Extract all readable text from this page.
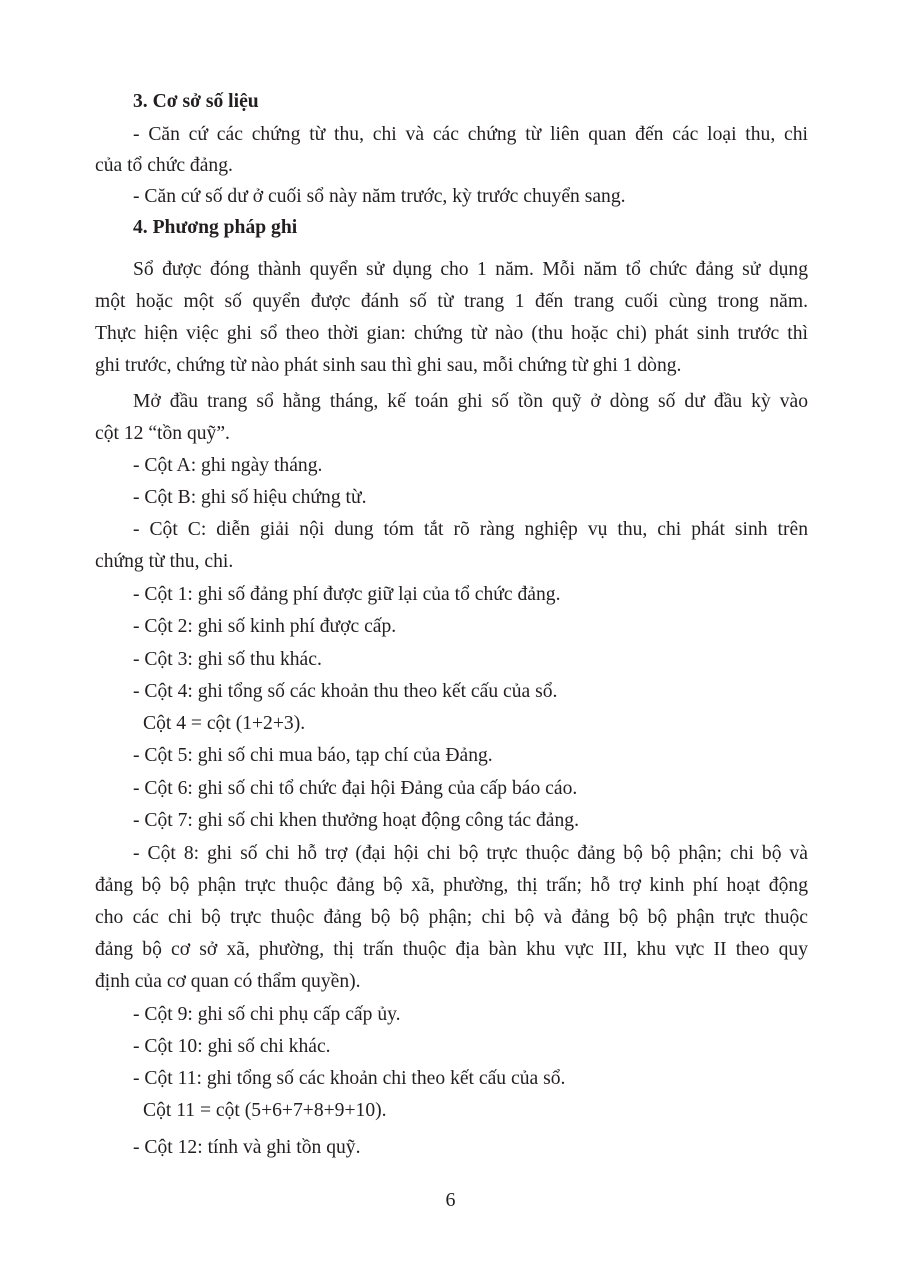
3. Cơ sở số liệu
- Căn cứ các chứng từ thu, chi và các chứng từ liên quan đến các loại thu, chi
của tổ chức đảng.
- Căn cứ số dư ở cuối sổ này năm trước, kỳ trước chuyển sang.
4. Phương pháp ghi
Sổ được đóng thành quyển sử dụng cho 1 năm. Mỗi năm tổ chức đảng sử dụng
một hoặc một số quyển được đánh số từ trang 1 đến trang cuối cùng trong năm.
Thực hiện việc ghi sổ theo thời gian: chứng từ nào (thu hoặc chi) phát sinh trước thì
ghi trước, chứng từ nào phát sinh sau thì ghi sau, mỗi chứng từ ghi 1 dòng.
Mở đầu trang sổ hằng tháng, kế toán ghi số tồn quỹ ở dòng số dư đầu kỳ vào
cột 12 “tồn quỹ”.
- Cột A: ghi ngày tháng.
- Cột B: ghi số hiệu chứng từ.
- Cột C: diễn giải nội dung tóm tắt rõ ràng nghiệp vụ thu, chi phát sinh trên
chứng từ thu, chi.
- Cột 1: ghi số đảng phí được giữ lại của tổ chức đảng.
- Cột 2: ghi số kinh phí được cấp.
- Cột 3: ghi số thu khác.
- Cột 4: ghi tổng số các khoản thu theo kết cấu của sổ.
Cột 4 = cột (1+2+3).
- Cột 5: ghi số chi mua báo, tạp chí của Đảng.
- Cột 6: ghi số chi tổ chức đại hội Đảng của cấp báo cáo.
- Cột 7: ghi số chi khen thưởng hoạt động công tác đảng.
- Cột 8: ghi số chi hỗ trợ (đại hội chi bộ trực thuộc đảng bộ bộ phận; chi bộ và
đảng bộ bộ phận trực thuộc đảng bộ xã, phường, thị trấn; hỗ trợ kinh phí hoạt động
cho các chi bộ trực thuộc đảng bộ bộ phận; chi bộ và đảng bộ bộ phận trực thuộc
đảng bộ cơ sở xã, phường, thị trấn thuộc địa bàn khu vực III, khu vực II theo quy
định của cơ quan có thẩm quyền).
- Cột 9: ghi số chi phụ cấp cấp ủy.
- Cột 10: ghi số chi khác.
- Cột 11: ghi tổng số các khoản chi theo kết cấu của sổ.
Cột 11 = cột (5+6+7+8+9+10).
- Cột 12: tính và ghi tồn quỹ.
6
